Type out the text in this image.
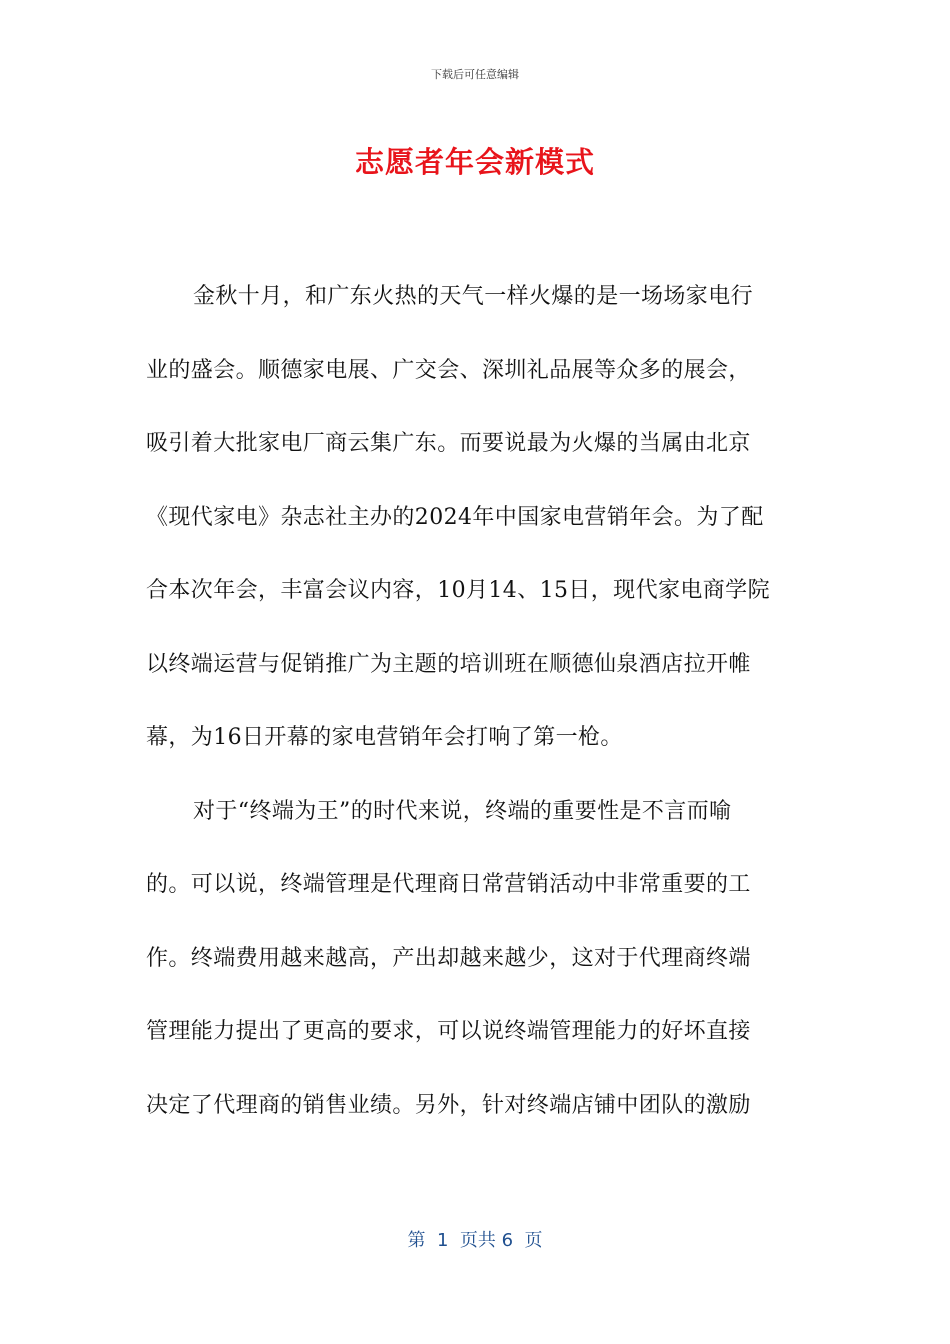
下载后可任意编辑
志愿者年会新模式
金秋十月，和广东火热的天气一样火爆的是一场场家电行
业的盛会。顺德家电展、广交会、深圳礼品展等众多的展会，
吸引着大批家电厂商云集广东。而要说最为火爆的当属由北京
《现代家电》杂志社主办的2024年中国家电营销年会。为了配
合本次年会，丰富会议内容，10月14、15日，现代家电商学院
以终端运营与促销推广为主题的培训班在顺德仙泉酒店拉开帷
幕，为16日开幕的家电营销年会打响了第一枪。
对于“终端为王”的时代来说，终端的重要性是不言而喻
的。可以说，终端管理是代理商日常营销活动中非常重要的工
作。终端费用越来越高，产出却越来越少，这对于代理商终端
管理能力提出了更高的要求，可以说终端管理能力的好坏直接
决定了代理商的销售业绩。另外，针对终端店铺中团队的激励
第  1  页共 6  页
